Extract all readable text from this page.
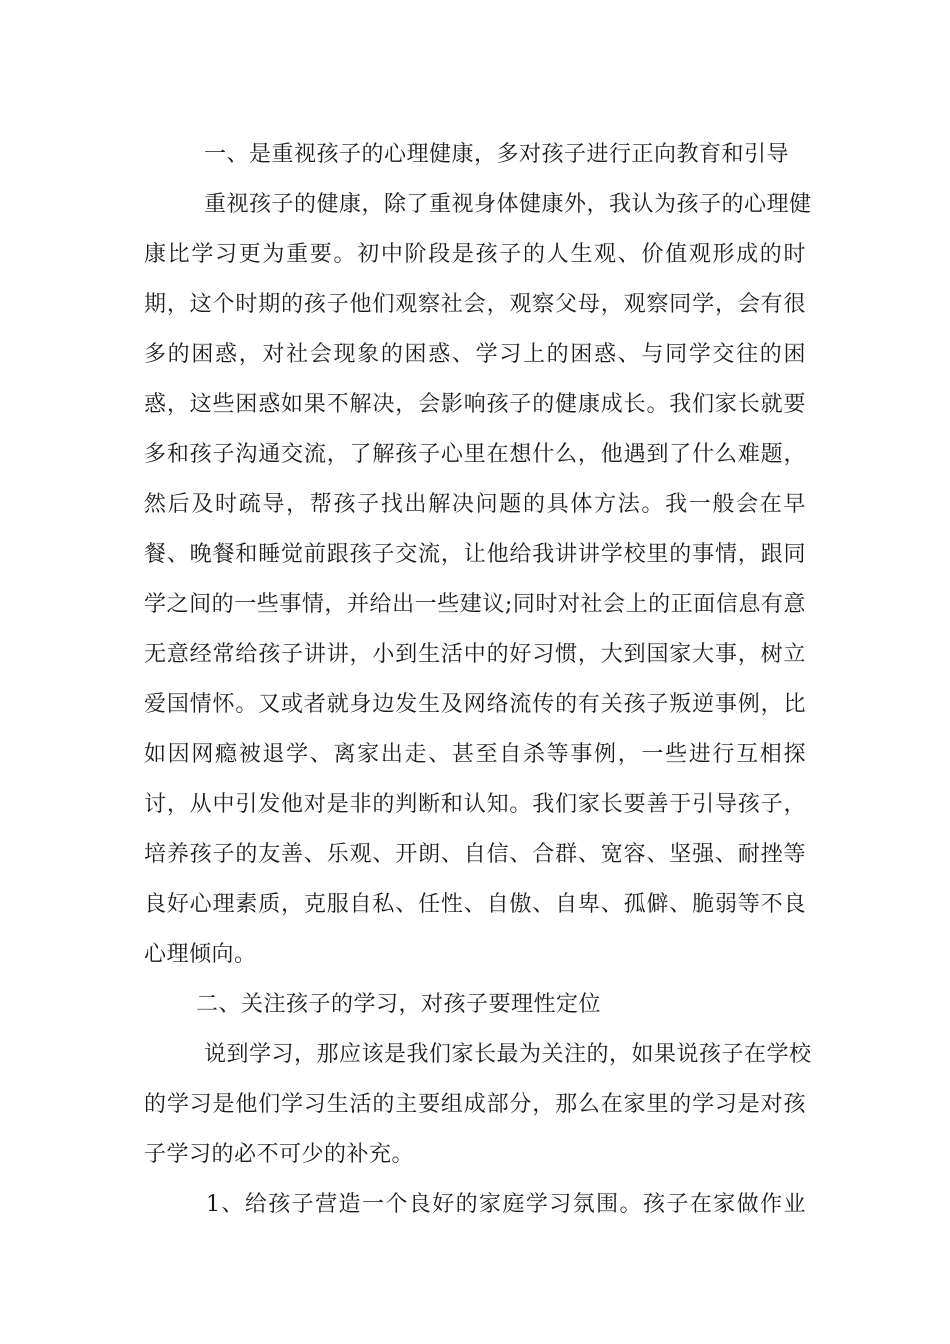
一、是重视孩子的心理健康，多对孩子进行正向教育和引导
重视孩子的健康，除了重视身体健康外，我认为孩子的心理健
康比学习更为重要。初中阶段是孩子的人生观、价值观形成的时
期，这个时期的孩子他们观察社会，观察父母，观察同学，会有很
多的困惑，对社会现象的困惑、学习上的困惑、与同学交往的困
惑，这些困惑如果不解决，会影响孩子的健康成长。我们家长就要
多和孩子沟通交流，了解孩子心里在想什么，他遇到了什么难题，
然后及时疏导，帮孩子找出解决问题的具体方法。我一般会在早
餐、晚餐和睡觉前跟孩子交流，让他给我讲讲学校里的事情，跟同
学之间的一些事情，并给出一些建议;同时对社会上的正面信息有意
无意经常给孩子讲讲，小到生活中的好习惯，大到国家大事，树立
爱国情怀。又或者就身边发生及网络流传的有关孩子叛逆事例，比
如因网瘾被退学、离家出走、甚至自杀等事例，一些进行互相探
讨，从中引发他对是非的判断和认知。我们家长要善于引导孩子，
培养孩子的友善、乐观、开朗、自信、合群、宽容、坚强、耐挫等
良好心理素质，克服自私、任性、自傲、自卑、孤僻、脆弱等不良
心理倾向。
二、关注孩子的学习，对孩子要理性定位
说到学习，那应该是我们家长最为关注的，如果说孩子在学校
的学习是他们学习生活的主要组成部分，那么在家里的学习是对孩
子学习的必不可少的补充。
1、给孩子营造一个良好的家庭学习氛围。孩子在家做作业
